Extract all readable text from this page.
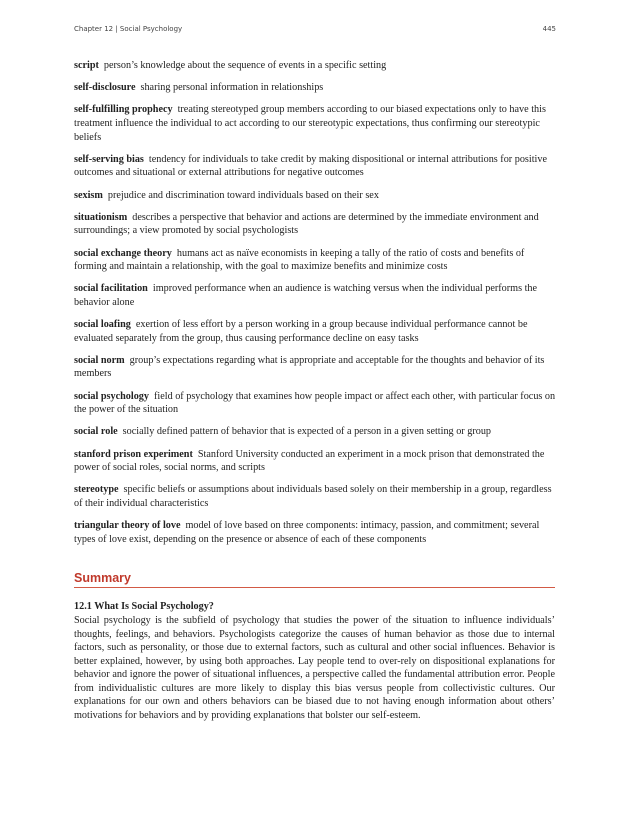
Chapter 12 | Social Psychology	445

script person’s knowledge about the sequence of events in a specific setting

self-disclosure sharing personal information in relationships

self-fulfilling prophecy treating stereotyped group members according to our biased expectations only to have this treatment influence the individual to act according to our stereotypic expectations, thus confirming our stereotypic beliefs

self-serving bias tendency for individuals to take credit by making dispositional or internal attributions for positive outcomes and situational or external attributions for negative outcomes

sexism prejudice and discrimination toward individuals based on their sex

situationism describes a perspective that behavior and actions are determined by the immediate environment and surroundings; a view promoted by social psychologists

social exchange theory humans act as naïve economists in keeping a tally of the ratio of costs and benefits of forming and maintain a relationship, with the goal to maximize benefits and minimize costs

social facilitation improved performance when an audience is watching versus when the individual performs the behavior alone

social loafing exertion of less effort by a person working in a group because individual performance cannot be evaluated separately from the group, thus causing performance decline on easy tasks

social norm group’s expectations regarding what is appropriate and acceptable for the thoughts and behavior of its members

social psychology field of psychology that examines how people impact or affect each other, with particular focus on the power of the situation

social role socially defined pattern of behavior that is expected of a person in a given setting or group

stanford prison experiment Stanford University conducted an experiment in a mock prison that demonstrated the power of social roles, social norms, and scripts

stereotype specific beliefs or assumptions about individuals based solely on their membership in a group, regardless of their individual characteristics

triangular theory of love model of love based on three components: intimacy, passion, and commitment; several types of love exist, depending on the presence or absence of each of these components

Summary
12.1 What Is Social Psychology?

Social psychology is the subfield of psychology that studies the power of the situation to influence individuals’ thoughts, feelings, and behaviors. Psychologists categorize the causes of human behavior as those due to internal factors, such as personality, or those due to external factors, such as cultural and other social influences. Behavior is better explained, however, by using both approaches. Lay people tend to over-rely on dispositional explanations for behavior and ignore the power of situational influences, a perspective called the fundamental attribution error. People from individualistic cultures are more likely to display this bias versus people from collectivistic cultures. Our explanations for our own and others behaviors can be biased due to not having enough information about others’ motivations for behaviors and by providing explanations that bolster our self-esteem.
